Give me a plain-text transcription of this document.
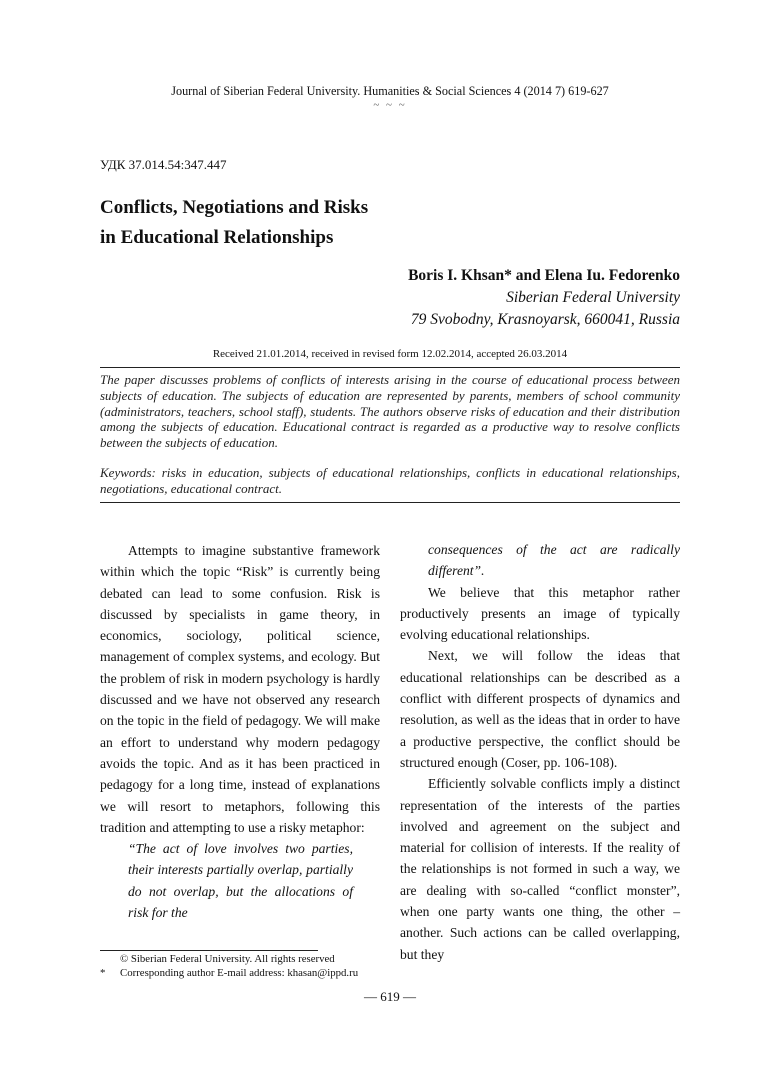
Journal of Siberian Federal University. Humanities & Social Sciences 4 (2014 7) 619-627
~ ~ ~
УДК 37.014.54:347.447
Conflicts, Negotiations and Risks
in Educational Relationships
Boris I. Khsan* and Elena Iu. Fedorenko
Siberian Federal University
79 Svobodny, Krasnoyarsk, 660041, Russia
Received 21.01.2014, received in revised form 12.02.2014, accepted 26.03.2014
The paper discusses problems of conflicts of interests arising in the course of educational process between subjects of education. The subjects of education are represented by parents, members of school community (administrators, teachers, school staff), students. The authors observe risks of education and their distribution among the subjects of education. Educational contract is regarded as a productive way to resolve conflicts between the subjects of education.
Keywords: risks in education, subjects of educational relationships, conflicts in educational relationships, negotiations, educational contract.

Attempts to imagine substantive framework within which the topic “Risk” is currently being debated can lead to some confusion. Risk is discussed by specialists in game theory, in economics, sociology, political science, management of complex systems, and ecology. But the problem of risk in modern psychology is hardly discussed and we have not observed any research on the topic in the field of pedagogy. We will make an effort to understand why modern pedagogy avoids the topic. And as it has been practiced in pedagogy for a long time, instead of explanations we will resort to metaphors, following this tradition and attempting to use a risky metaphor:

“The act of love involves two parties, their interests partially overlap, partially do not overlap, but the allocations of risk for the

consequences of the act are radically different”.

We believe that this metaphor rather productively presents an image of typically evolving educational relationships.

Next, we will follow the ideas that educational relationships can be described as a conflict with different prospects of dynamics and resolution, as well as the ideas that in order to have a productive perspective, the conflict should be structured enough (Coser, pp. 106-108).

Efficiently solvable conflicts imply a distinct representation of the interests of the parties involved and agreement on the subject and material for collision of interests. If the reality of the relationships is not formed in such a way, we are dealing with so-called “conflict monster”, when one party wants one thing, the other – another. Such actions can be called overlapping, but they

© Siberian Federal University. All rights reserved
* Corresponding author E-mail address: khasan@ippd.ru
— 619 —
